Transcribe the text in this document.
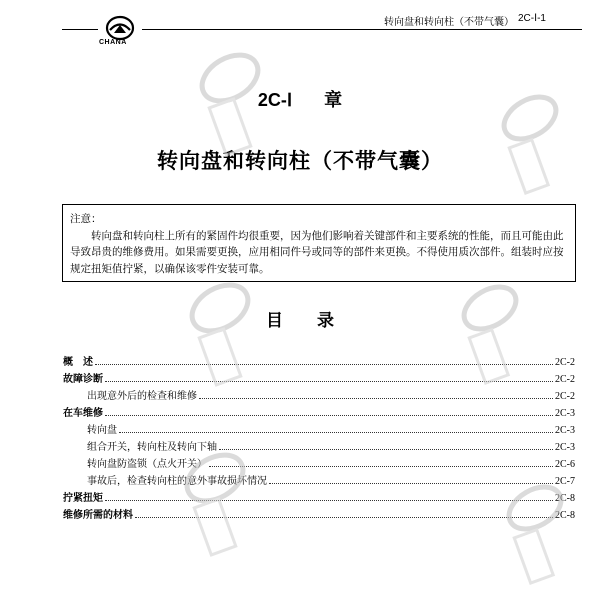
CHANA
转向盘和转向柱（不带气囊） 2C-Ⅰ-1
2C-Ⅰ 章
转向盘和转向柱（不带气囊）
注意：
转向盘和转向柱上所有的紧固件均很重要，因为他们影响着关键部件和主要系统的性能，而且可能由此导致昂贵的维修费用。如果需要更换，应用相同件号或同等的部件来更换。不得使用质次部件。组装时应按规定扭矩值拧紧，以确保该零件安装可靠。
目　　录
概　述	2C-2
故障诊断	2C-2
出现意外后的检查和维修	2C-2
在车维修	2C-3
转向盘	2C-3
组合开关，转向柱及转向下轴	2C-3
转向盘防盗锁（点火开关）	2C-6
事故后，检查转向柱的意外事故损坏情况	2C-7
拧紧扭矩	2C-8
维修所需的材料	2C-8
